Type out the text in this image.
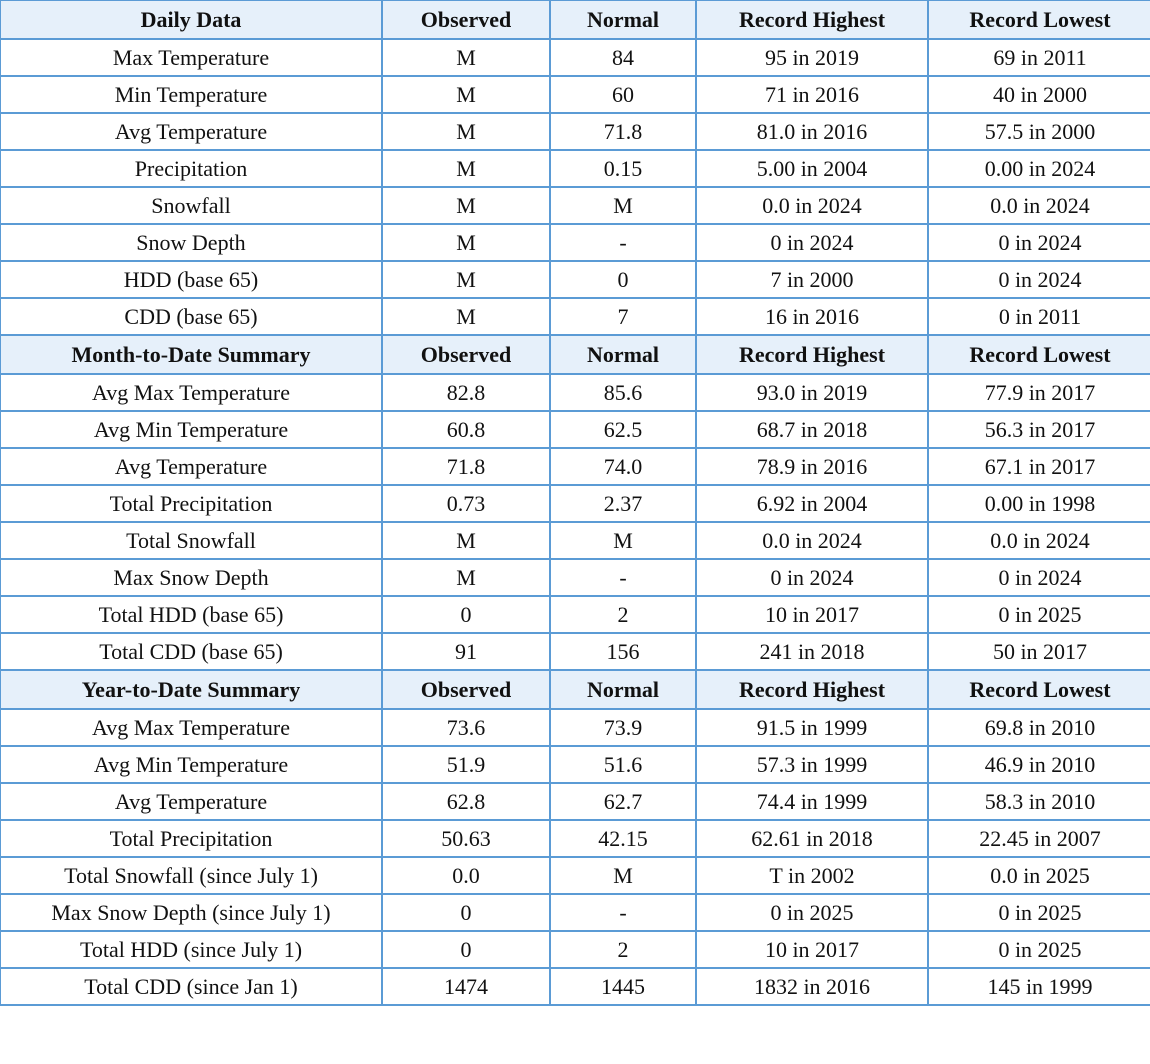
Daily Data	Observed	Normal	Record Highest	Record Lowest
Max Temperature	M	84	95 in 2019	69 in 2011
Min Temperature	M	60	71 in 2016	40 in 2000
Avg Temperature	M	71.8	81.0 in 2016	57.5 in 2000
Precipitation	M	0.15	5.00 in 2004	0.00 in 2024
Snowfall	M	M	0.0 in 2024	0.0 in 2024
Snow Depth	M	-	0 in 2024	0 in 2024
HDD (base 65)	M	0	7 in 2000	0 in 2024
CDD (base 65)	M	7	16 in 2016	0 in 2011
Month-to-Date Summary	Observed	Normal	Record Highest	Record Lowest
Avg Max Temperature	82.8	85.6	93.0 in 2019	77.9 in 2017
Avg Min Temperature	60.8	62.5	68.7 in 2018	56.3 in 2017
Avg Temperature	71.8	74.0	78.9 in 2016	67.1 in 2017
Total Precipitation	0.73	2.37	6.92 in 2004	0.00 in 1998
Total Snowfall	M	M	0.0 in 2024	0.0 in 2024
Max Snow Depth	M	-	0 in 2024	0 in 2024
Total HDD (base 65)	0	2	10 in 2017	0 in 2025
Total CDD (base 65)	91	156	241 in 2018	50 in 2017
Year-to-Date Summary	Observed	Normal	Record Highest	Record Lowest
Avg Max Temperature	73.6	73.9	91.5 in 1999	69.8 in 2010
Avg Min Temperature	51.9	51.6	57.3 in 1999	46.9 in 2010
Avg Temperature	62.8	62.7	74.4 in 1999	58.3 in 2010
Total Precipitation	50.63	42.15	62.61 in 2018	22.45 in 2007
Total Snowfall (since July 1)	0.0	M	T in 2002	0.0 in 2025
Max Snow Depth (since July 1)	0	-	0 in 2025	0 in 2025
Total HDD (since July 1)	0	2	10 in 2017	0 in 2025
Total CDD (since Jan 1)	1474	1445	1832 in 2016	145 in 1999
